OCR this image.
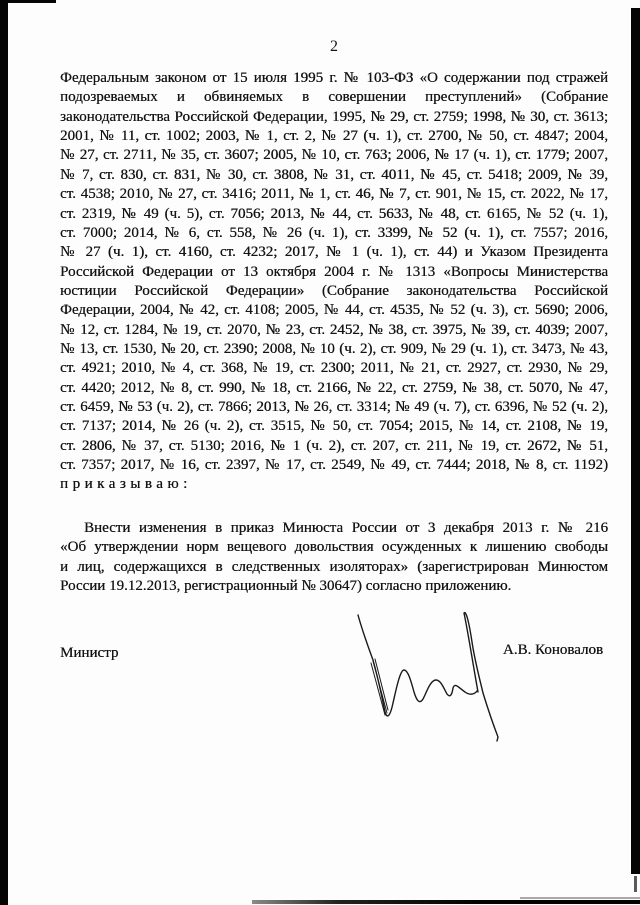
2
Федеральным законом от 15 июля 1995 г. № 103-ФЗ «О содержании под стражей
подозреваемых и обвиняемых в совершении преступлений» (Собрание
законодательства Российской Федерации, 1995, № 29, ст. 2759; 1998, № 30, ст. 3613;
2001, № 11, ст. 1002; 2003, № 1, ст. 2, № 27 (ч. 1), ст. 2700, № 50, ст. 4847; 2004,
№ 27, ст. 2711, № 35, ст. 3607; 2005, № 10, ст. 763; 2006, № 17 (ч. 1), ст. 1779; 2007,
№ 7, ст. 830, ст. 831, № 30, ст. 3808, № 31, ст. 4011, № 45, ст. 5418; 2009, № 39,
ст. 4538; 2010, № 27, ст. 3416; 2011, № 1, ст. 46, № 7, ст. 901, № 15, ст. 2022, № 17,
ст. 2319, № 49 (ч. 5), ст. 7056; 2013, № 44, ст. 5633, № 48, ст. 6165, № 52 (ч. 1),
ст. 7000; 2014, № 6, ст. 558, № 26 (ч. 1), ст. 3399, № 52 (ч. 1), ст. 7557; 2016,
№ 27 (ч. 1), ст. 4160, ст. 4232; 2017, № 1 (ч. 1), ст. 44) и Указом Президента
Российской Федерации от 13 октября 2004 г. № 1313 «Вопросы Министерства
юстиции Российской Федерации» (Собрание законодательства Российской
Федерации, 2004, № 42, ст. 4108; 2005, № 44, ст. 4535, № 52 (ч. 3), ст. 5690; 2006,
№ 12, ст. 1284, № 19, ст. 2070, № 23, ст. 2452, № 38, ст. 3975, № 39, ст. 4039; 2007,
№ 13, ст. 1530, № 20, ст. 2390; 2008, № 10 (ч. 2), ст. 909, № 29 (ч. 1), ст. 3473, № 43,
ст. 4921; 2010, № 4, ст. 368, № 19, ст. 2300; 2011, № 21, ст. 2927, ст. 2930, № 29,
ст. 4420; 2012, № 8, ст. 990, № 18, ст. 2166, № 22, ст. 2759, № 38, ст. 5070, № 47,
ст. 6459, № 53 (ч. 2), ст. 7866; 2013, № 26, ст. 3314; № 49 (ч. 7), ст. 6396, № 52 (ч. 2),
ст. 7137; 2014, № 26 (ч. 2), ст. 3515, № 50, ст. 7054; 2015, № 14, ст. 2108, № 19,
ст. 2806, № 37, ст. 5130; 2016, № 1 (ч. 2), ст. 207, ст. 211, № 19, ст. 2672, № 51,
ст. 7357; 2017, № 16, ст. 2397, № 17, ст. 2549, № 49, ст. 7444; 2018, № 8, ст. 1192)
приказываю:
Внести изменения в приказ Минюста России от 3 декабря 2013 г. № 216
«Об утверждении норм вещевого довольствия осужденных к лишению свободы
и лиц, содержащихся в следственных изоляторах» (зарегистрирован Минюстом
России 19.12.2013, регистрационный № 30647) согласно приложению.
Министр	А.В. Коновалов
